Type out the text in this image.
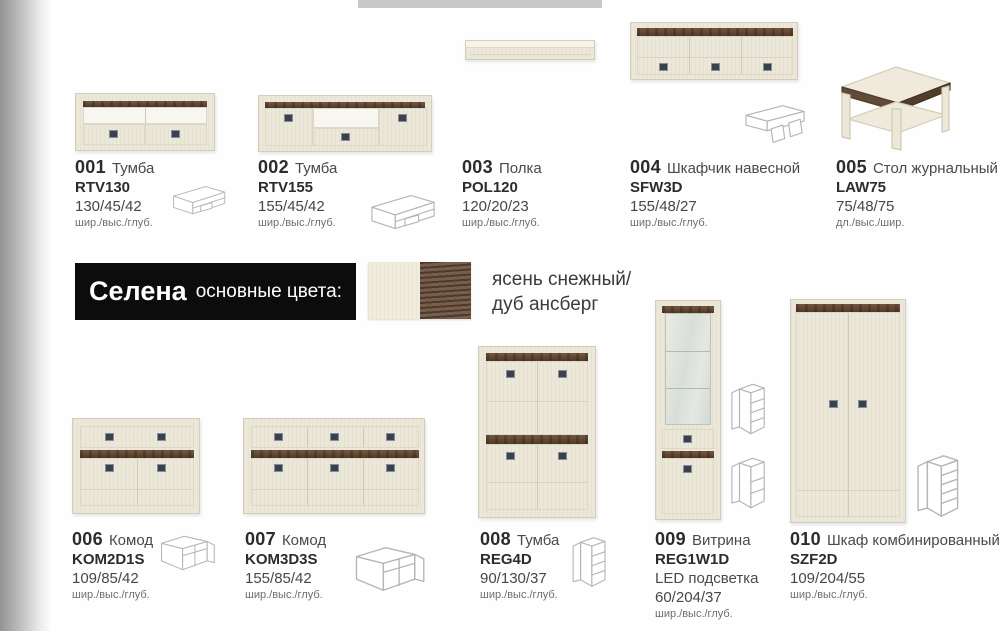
001 Тумба
RTV130
130/45/42
шир./выс./глуб.
002 Тумба
RTV155
155/45/42
шир./выс./глуб.
003 Полка
POL120
120/20/23
шир./выс./глуб.
004 Шкафчик навесной
SFW3D
155/48/27
шир./выс./глуб.
005 Стол журнальный
LAW75
75/48/75
дл./выс./шир.
Селена основные цвета:
ясень снежный/
дуб ансберг
006 Комод
KOM2D1S
109/85/42
шир./выс./глуб.
007 Комод
KOM3D3S
155/85/42
шир./выс./глуб.
008 Тумба
REG4D
90/130/37
шир./выс./глуб.
009 Витрина
REG1W1D
LED подсветка
60/204/37
шир./выс./глуб.
010 Шкаф комбинированный
SZF2D
109/204/55
шир./выс./глуб.
